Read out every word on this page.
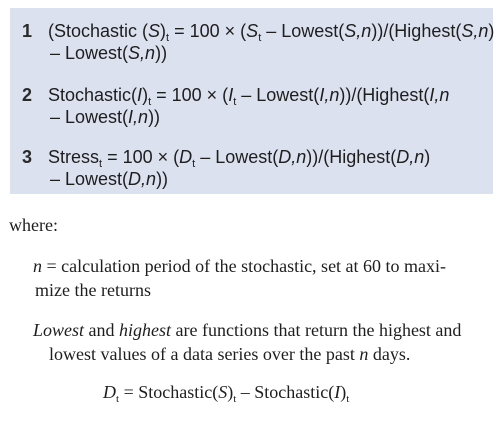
1 (Stochastic $(S)_t = 100 \times (S_t$ – Lowest(S,n))/(Highest(S,n)
– Lowest(S,n))
2 $Stochastic(I)_t = 100 \times (I_t$ – Lowest(I,n))/(Highest(I,n
– Lowest(I,n))
3 Stress$_t$ = $100 \times (D_t$ – Lowest(D,n))/(Highest(D,n)
– Lowest(D,n))
where:
n = calculation period of the stochastic, set at 60 to maxi-
mize the returns
Lowest and highest are functions that return the highest and
lowest values of a data series over the past n days.
$D_t$ = $Stochastic(S)_t$ – $Stochastic(I)_t$
